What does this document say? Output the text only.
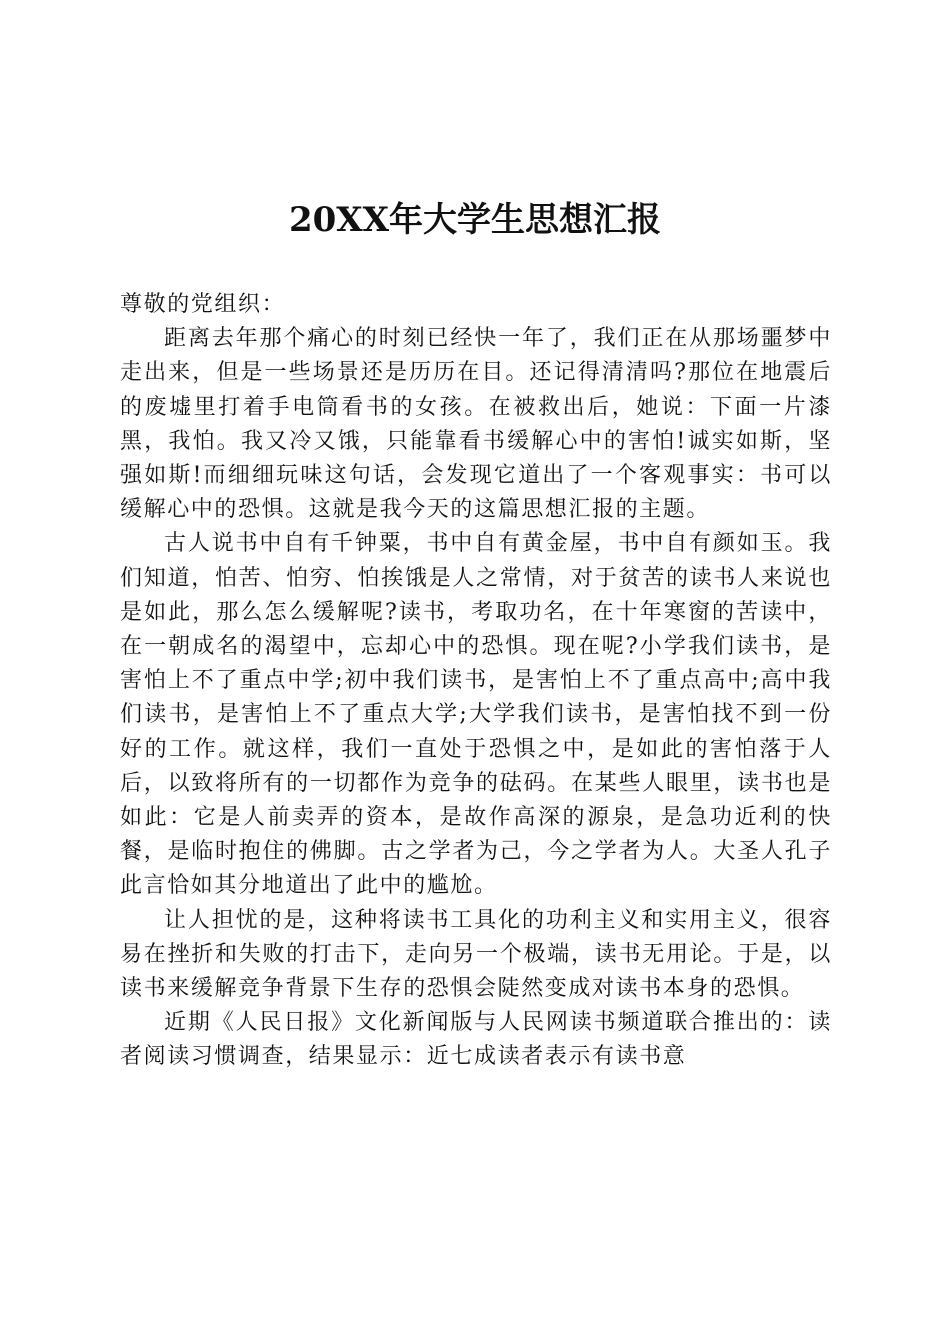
20XX年大学生思想汇报

尊敬的党组织：

距离去年那个痛心的时刻已经快一年了，我们正在从那场噩梦中走出来，但是一些场景还是历历在目。还记得清清吗?那位在地震后的废墟里打着手电筒看书的女孩。在被救出后，她说：下面一片漆黑，我怕。我又冷又饿，只能靠看书缓解心中的害怕!诚实如斯，坚强如斯!而细细玩味这句话，会发现它道出了一个客观事实：书可以缓解心中的恐惧。这就是我今天的这篇思想汇报的主题。

古人说书中自有千钟粟，书中自有黄金屋，书中自有颜如玉。我们知道，怕苦、怕穷、怕挨饿是人之常情，对于贫苦的读书人来说也是如此，那么怎么缓解呢?读书，考取功名，在十年寒窗的苦读中，在一朝成名的渴望中，忘却心中的恐惧。现在呢?小学我们读书，是害怕上不了重点中学;初中我们读书，是害怕上不了重点高中;高中我们读书，是害怕上不了重点大学;大学我们读书，是害怕找不到一份好的工作。就这样，我们一直处于恐惧之中，是如此的害怕落于人后，以致将所有的一切都作为竞争的砝码。在某些人眼里，读书也是如此：它是人前卖弄的资本，是故作高深的源泉，是急功近利的快餐，是临时抱住的佛脚。古之学者为己，今之学者为人。大圣人孔子此言恰如其分地道出了此中的尴尬。

让人担忧的是，这种将读书工具化的功利主义和实用主义，很容易在挫折和失败的打击下，走向另一个极端，读书无用论。于是，以读书来缓解竞争背景下生存的恐惧会陡然变成对读书本身的恐惧。

近期《人民日报》文化新闻版与人民网读书频道联合推出的：读者阅读习惯调查，结果显示：近七成读者表示有读书意
